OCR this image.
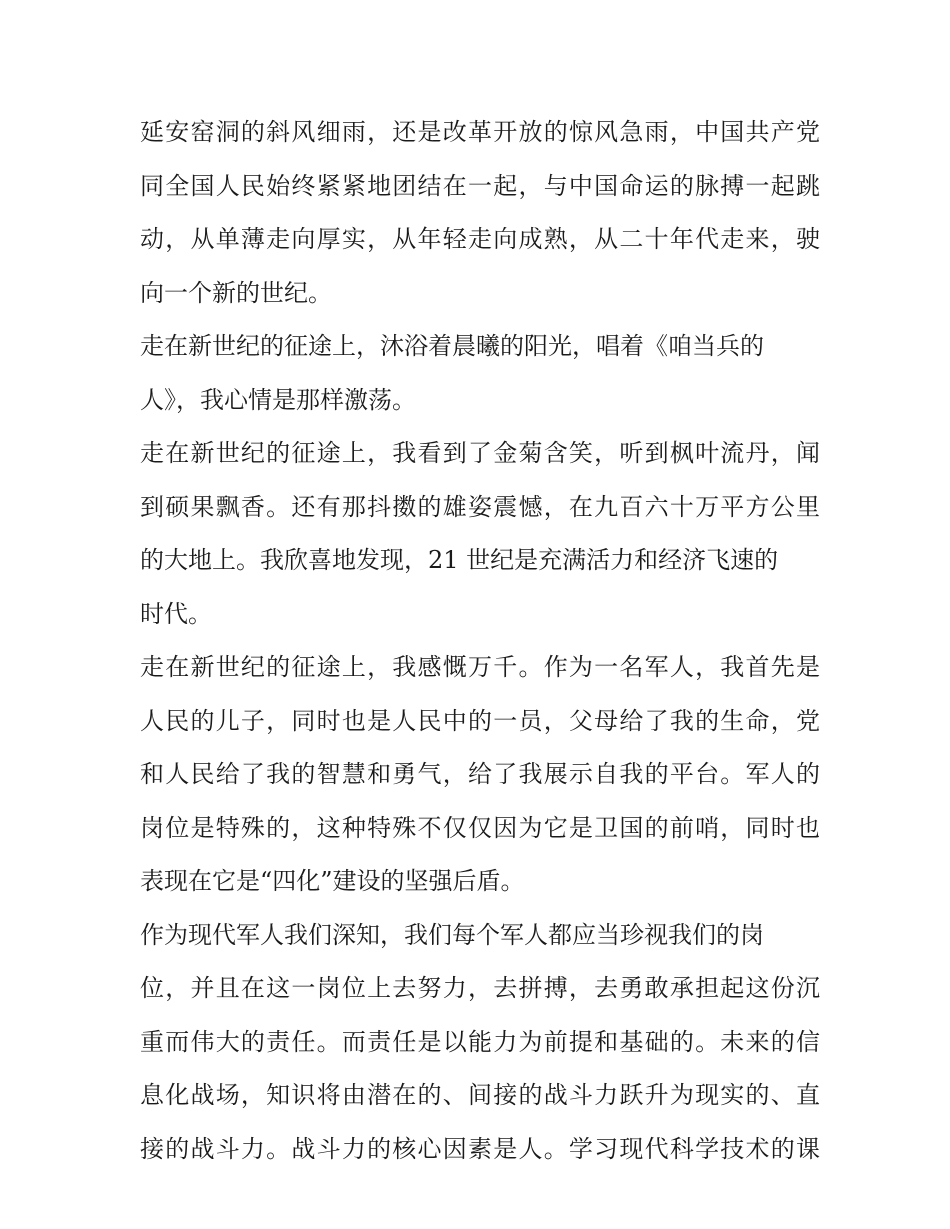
延安窑洞的斜风细雨，还是改革开放的惊风急雨，中国共产党
同全国人民始终紧紧地团结在一起，与中国命运的脉搏一起跳
动，从单薄走向厚实，从年轻走向成熟，从二十年代走来，驶
向一个新的世纪。
走在新世纪的征途上，沐浴着晨曦的阳光，唱着《咱当兵的
人》，我心情是那样激荡。
走在新世纪的征途上，我看到了金菊含笑，听到枫叶流丹，闻
到硕果飘香。还有那抖擞的雄姿震憾，在九百六十万平方公里
的大地上。我欣喜地发现，21 世纪是充满活力和经济飞速的
时代。
走在新世纪的征途上，我感慨万千。作为一名军人，我首先是
人民的儿子，同时也是人民中的一员，父母给了我的生命，党
和人民给了我的智慧和勇气，给了我展示自我的平台。军人的
岗位是特殊的，这种特殊不仅仅因为它是卫国的前哨，同时也
表现在它是“四化”建设的坚强后盾。
作为现代军人我们深知，我们每个军人都应当珍视我们的岗
位，并且在这一岗位上去努力，去拼搏，去勇敢承担起这份沉
重而伟大的责任。而责任是以能力为前提和基础的。未来的信
息化战场，知识将由潜在的、间接的战斗力跃升为现实的、直
接的战斗力。战斗力的核心因素是人。学习现代科学技术的课
